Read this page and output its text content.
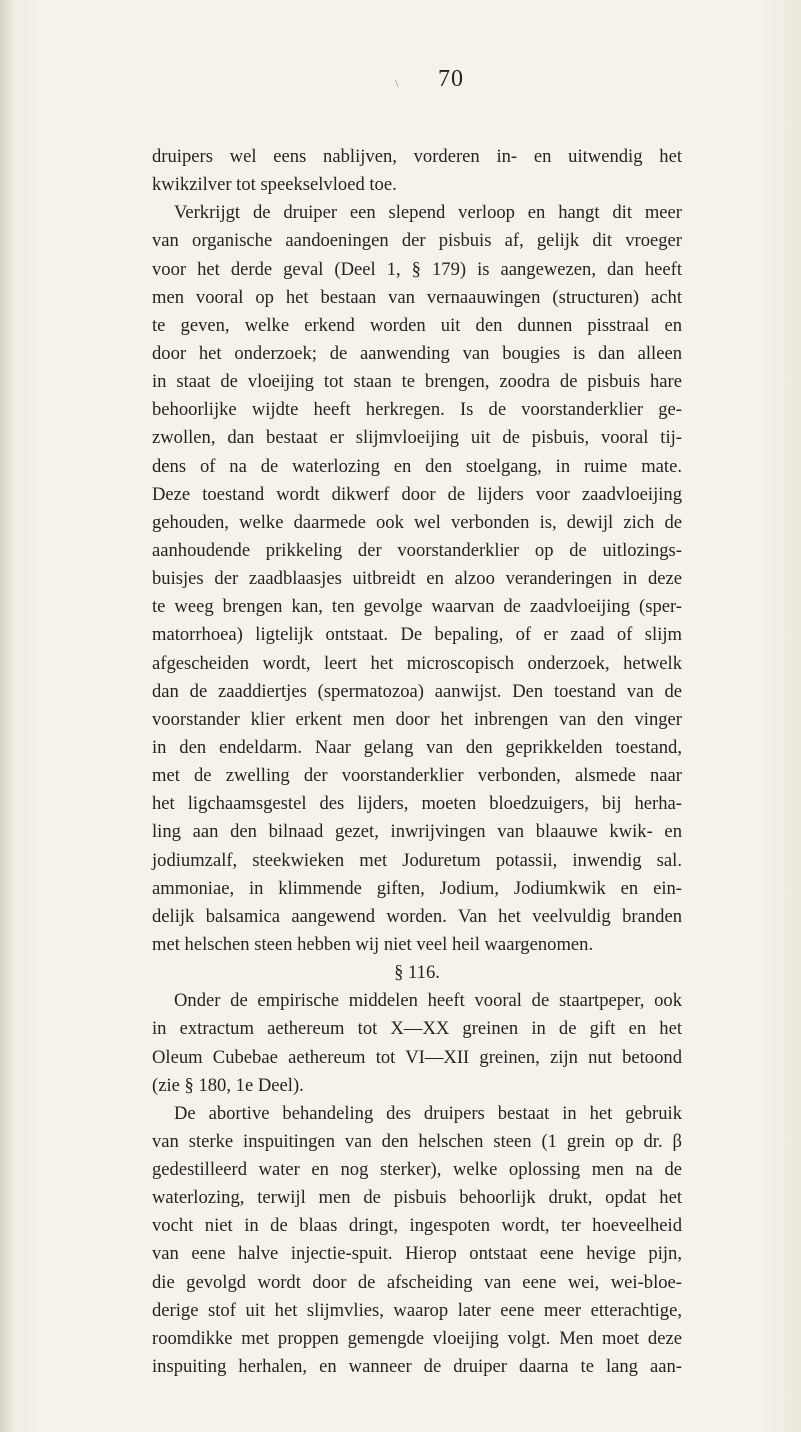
\ 70
druipers wel eens nablijven, vorderen in- en uitwendig het
kwikzilver tot speekselvloed toe.
Verkrijgt de druiper een slepend verloop en hangt dit meer
van organische aandoeningen der pisbuis af, gelijk dit vroeger
voor het derde geval (Deel 1, § 179) is aangewezen, dan heeft
men vooral op het bestaan van vernaauwingen (structuren) acht
te geven, welke erkend worden uit den dunnen pisstraal en
door het onderzoek; de aanwending van bougies is dan alleen
in staat de vloeijing tot staan te brengen, zoodra de pisbuis hare
behoorlijke wijdte heeft herkregen. Is de voorstanderklier ge-
zwollen, dan bestaat er slijmvloeijing uit de pisbuis, vooral tij-
dens of na de waterlozing en den stoelgang, in ruime mate.
Deze toestand wordt dikwerf door de lijders voor zaadvloeijing
gehouden, welke daarmede ook wel verbonden is, dewijl zich de
aanhoudende prikkeling der voorstanderklier op de uitlozings-
buisjes der zaadblaasjes uitbreidt en alzoo veranderingen in deze
te weeg brengen kan, ten gevolge waarvan de zaadvloeijing (sper-
matorrhoea) ligtelijk ontstaat. De bepaling, of er zaad of slijm
afgescheiden wordt, leert het microscopisch onderzoek, hetwelk
dan de zaaddiertjes (spermatozoa) aanwijst. Den toestand van de
voorstander klier erkent men door het inbrengen van den vinger
in den endeldarm. Naar gelang van den geprikkelden toestand,
met de zwelling der voorstanderklier verbonden, alsmede naar
het ligchaamsgestel des lijders, moeten bloedzuigers, bij herha-
ling aan den bilnaad gezet, inwrijvingen van blaauwe kwik- en
jodiumzalf, steekwieken met Joduretum potassii, inwendig sal.
ammoniae, in klimmende giften, Jodium, Jodiumkwik en ein-
delijk balsamica aangewend worden. Van het veelvuldig branden
met helschen steen hebben wij niet veel heil waargenomen.
§ 116.
Onder de empirische middelen heeft vooral de staartpeper, ook
in extractum aethereum tot X—XX greinen in de gift en het
Oleum Cubebae aethereum tot VI—XII greinen, zijn nut betoond
(zie § 180, 1e Deel).
De abortive behandeling des druipers bestaat in het gebruik
van sterke inspuitingen van den helschen steen (1 grein op dr. β
gedestilleerd water en nog sterker), welke oplossing men na de
waterlozing, terwijl men de pisbuis behoorlijk drukt, opdat het
vocht niet in de blaas dringt, ingespoten wordt, ter hoeveelheid
van eene halve injectie-spuit. Hierop ontstaat eene hevige pijn,
die gevolgd wordt door de afscheiding van eene wei, wei-bloe-
derige stof uit het slijmvlies, waarop later eene meer etterachtige,
roomdikke met proppen gemengde vloeijing volgt. Men moet deze
inspuiting herhalen, en wanneer de druiper daarna te lang aan-
